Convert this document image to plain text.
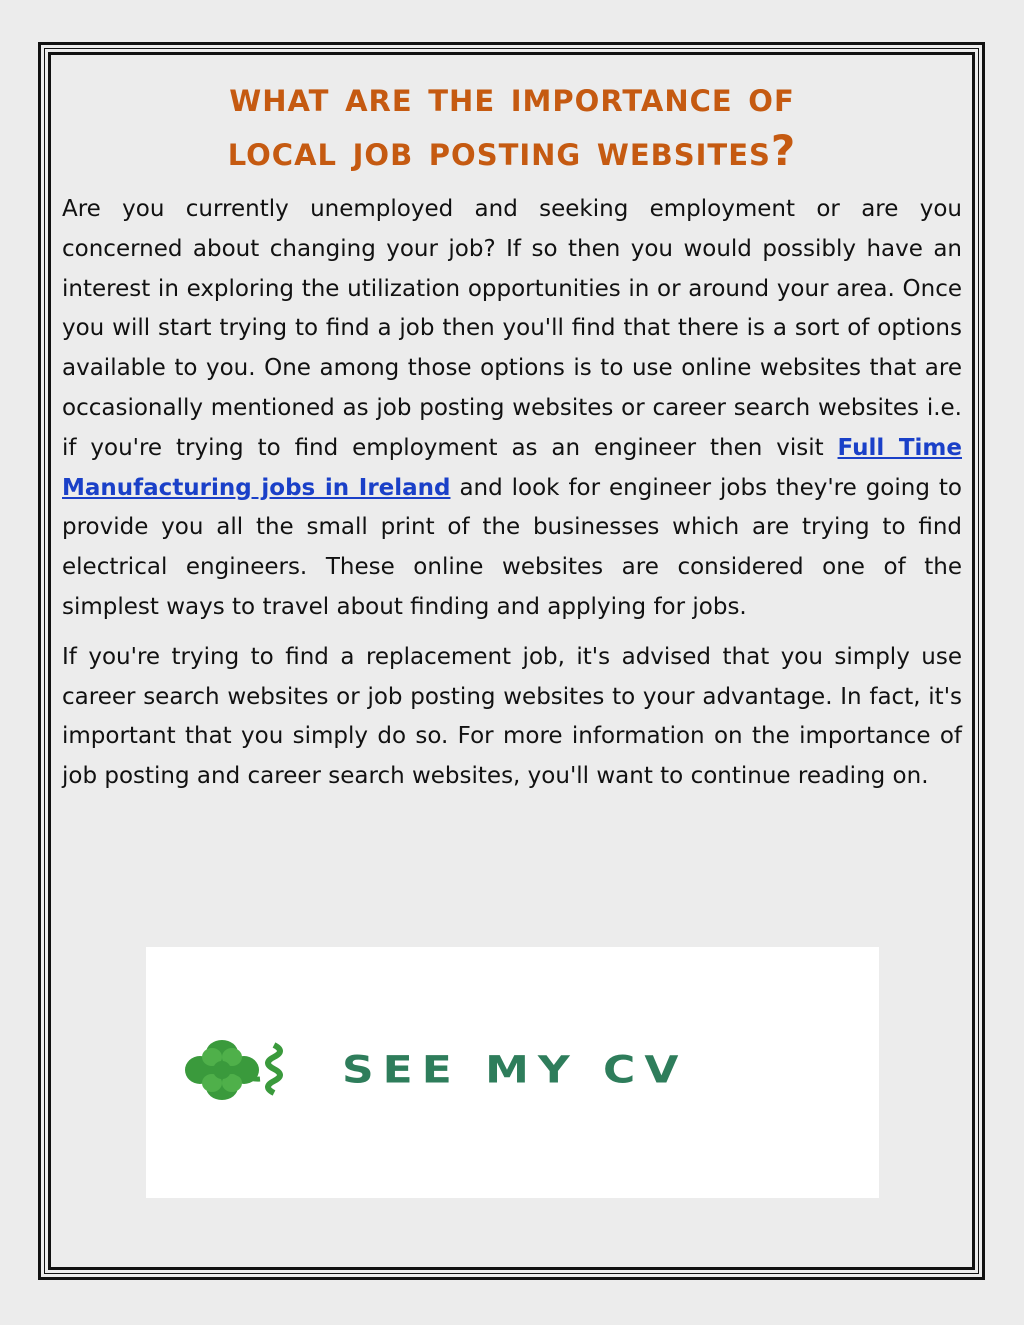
what are the importance of
local job posting websites?

Are you currently unemployed and seeking employment or are you concerned about changing your job? If so then you would possibly have an interest in exploring the utilization opportunities in or around your area. Once you will start trying to find a job then you'll find that there is a sort of options available to you. One among those options is to use online websites that are occasionally mentioned as job posting websites or career search websites i.e. if you're trying to find employment as an engineer then visit Full Time Manufacturing jobs in Ireland and look for engineer jobs they're going to provide you all the small print of the businesses which are trying to find electrical engineers. These online websites are considered one of the simplest ways to travel about finding and applying for jobs.

If you're trying to find a replacement job, it's advised that you simply use career search websites or job posting websites to your advantage. In fact, it's important that you simply do so. For more information on the importance of job posting and career search websites, you'll want to continue reading on.

SEE MY CV
